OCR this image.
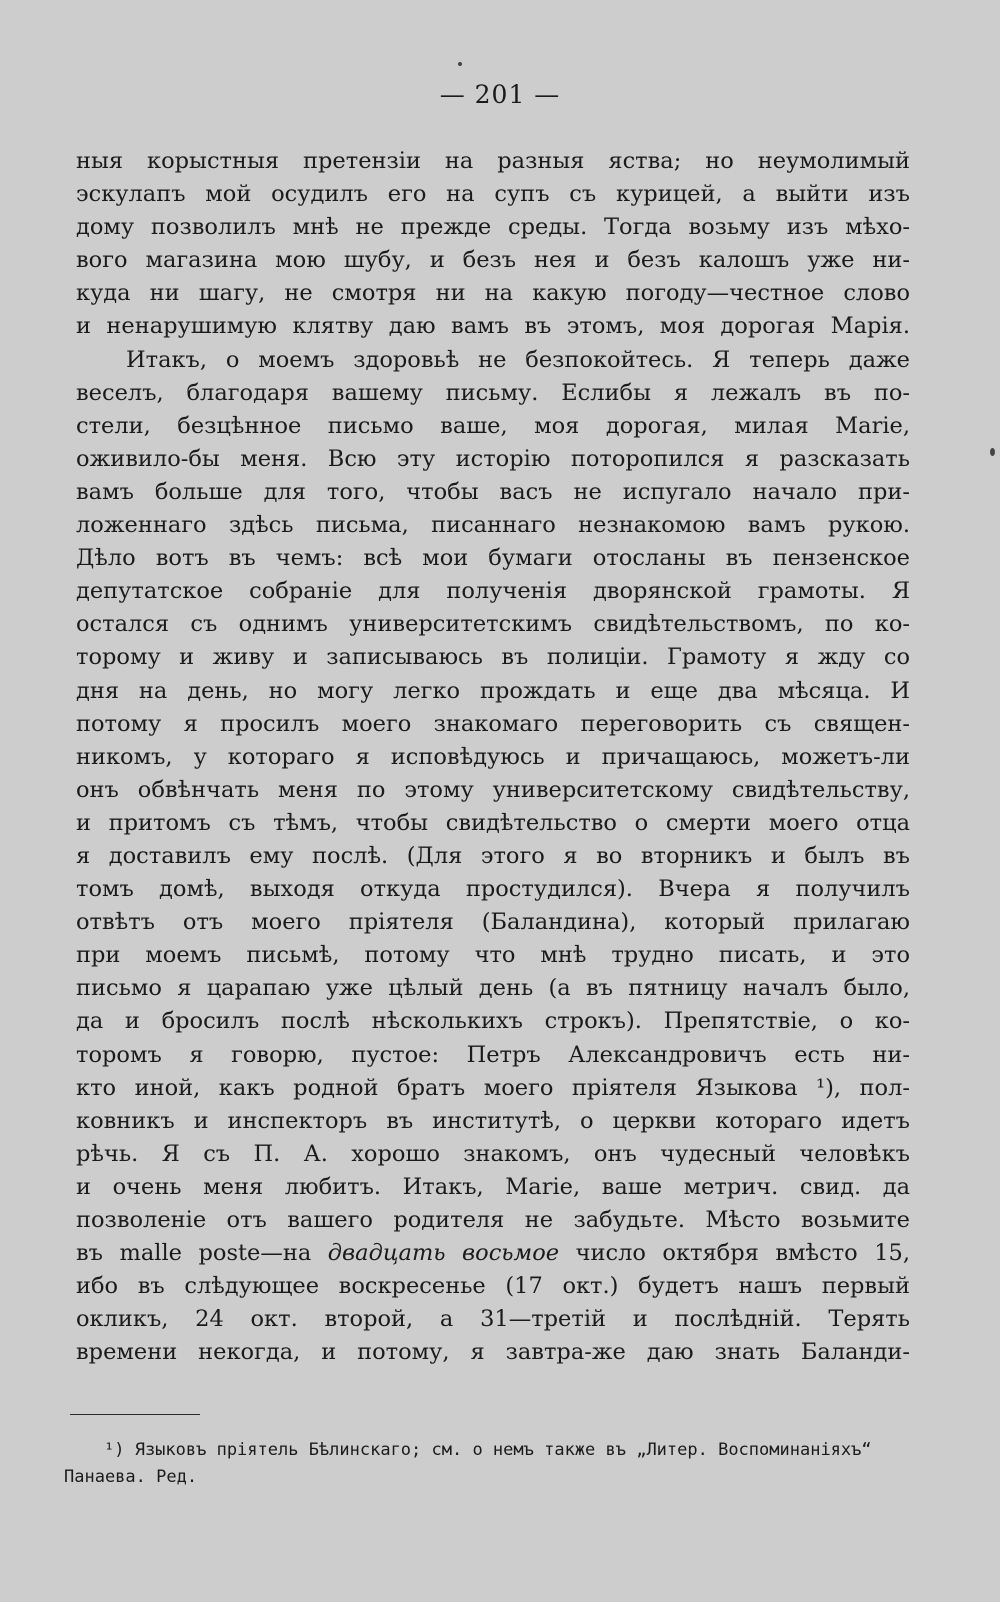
— 201 —
ныя корыстныя претензіи на разныя яства; но неумолимый
эскулапъ мой осудилъ его на супъ съ курицей, а выйти изъ
дому позволилъ мнѣ не прежде среды. Тогда возьму изъ мѣхо-
вого магазина мою шубу, и безъ нея и безъ калошъ уже ни-
куда ни шагу, не смотря ни на какую погоду—честное слово
и ненарушимую клятву даю вамъ въ этомъ, моя дорогая Марія.
Итакъ, о моемъ здоровьѣ не безпокойтесь. Я теперь даже
веселъ, благодаря вашему письму. Еслибы я лежалъ въ по-
стели, безцѣнное письмо ваше, моя дорогая, милая Marie,
оживило-бы меня. Всю эту исторію поторопился я разсказать
вамъ больше для того, чтобы васъ не испугало начало при-
ложеннаго здѣсь письма, писаннаго незнакомою вамъ рукою.
Дѣло вотъ въ чемъ: всѣ мои бумаги отосланы въ пензенское
депутатское собраніе для полученія дворянской грамоты. Я
остался съ однимъ университетскимъ свидѣтельствомъ, по ко-
торому и живу и записываюсь въ полиціи. Грамоту я жду со
дня на день, но могу легко прождать и еще два мѣсяца. И
потому я просилъ моего знакомаго переговорить съ священ-
никомъ, у котораго я исповѣдуюсь и причащаюсь, можетъ-ли
онъ обвѣнчать меня по этому университетскому свидѣтельству,
и притомъ съ тѣмъ, чтобы свидѣтельство о смерти моего отца
я доставилъ ему послѣ. (Для этого я во вторникъ и былъ въ
томъ домѣ, выходя откуда простудился). Вчера я получилъ
отвѣтъ отъ моего пріятеля (Баландина), который прилагаю
при моемъ письмѣ, потому что мнѣ трудно писать, и это
письмо я царапаю уже цѣлый день (а въ пятницу началъ было,
да и бросилъ послѣ нѣсколькихъ строкъ). Препятствіе, о ко-
торомъ я говорю, пустое: Петръ Александровичъ есть ни-
кто иной, какъ родной братъ моего пріятеля Языкова ¹), пол-
ковникъ и инспекторъ въ институтѣ, о церкви котораго идетъ
рѣчь. Я съ П. А. хорошо знакомъ, онъ чудесный человѣкъ
и очень меня любитъ. Итакъ, Marie, ваше метрич. свид. да
позволеніе отъ вашего родителя не забудьте. Мѣсто возьмите
въ malle poste—на двадцать восьмое число октября вмѣсто 15,
ибо въ слѣдующее воскресенье (17 окт.) будетъ нашъ первый
окликъ, 24 окт. второй, а 31—третій и послѣдній. Терять
времени некогда, и потому, я завтра-же даю знать Баланди-
¹) Языковъ пріятель Бѣлинскаго; см. о немъ также въ „Литер. Воспоминаніяхъ“
Панаева. Ред.
